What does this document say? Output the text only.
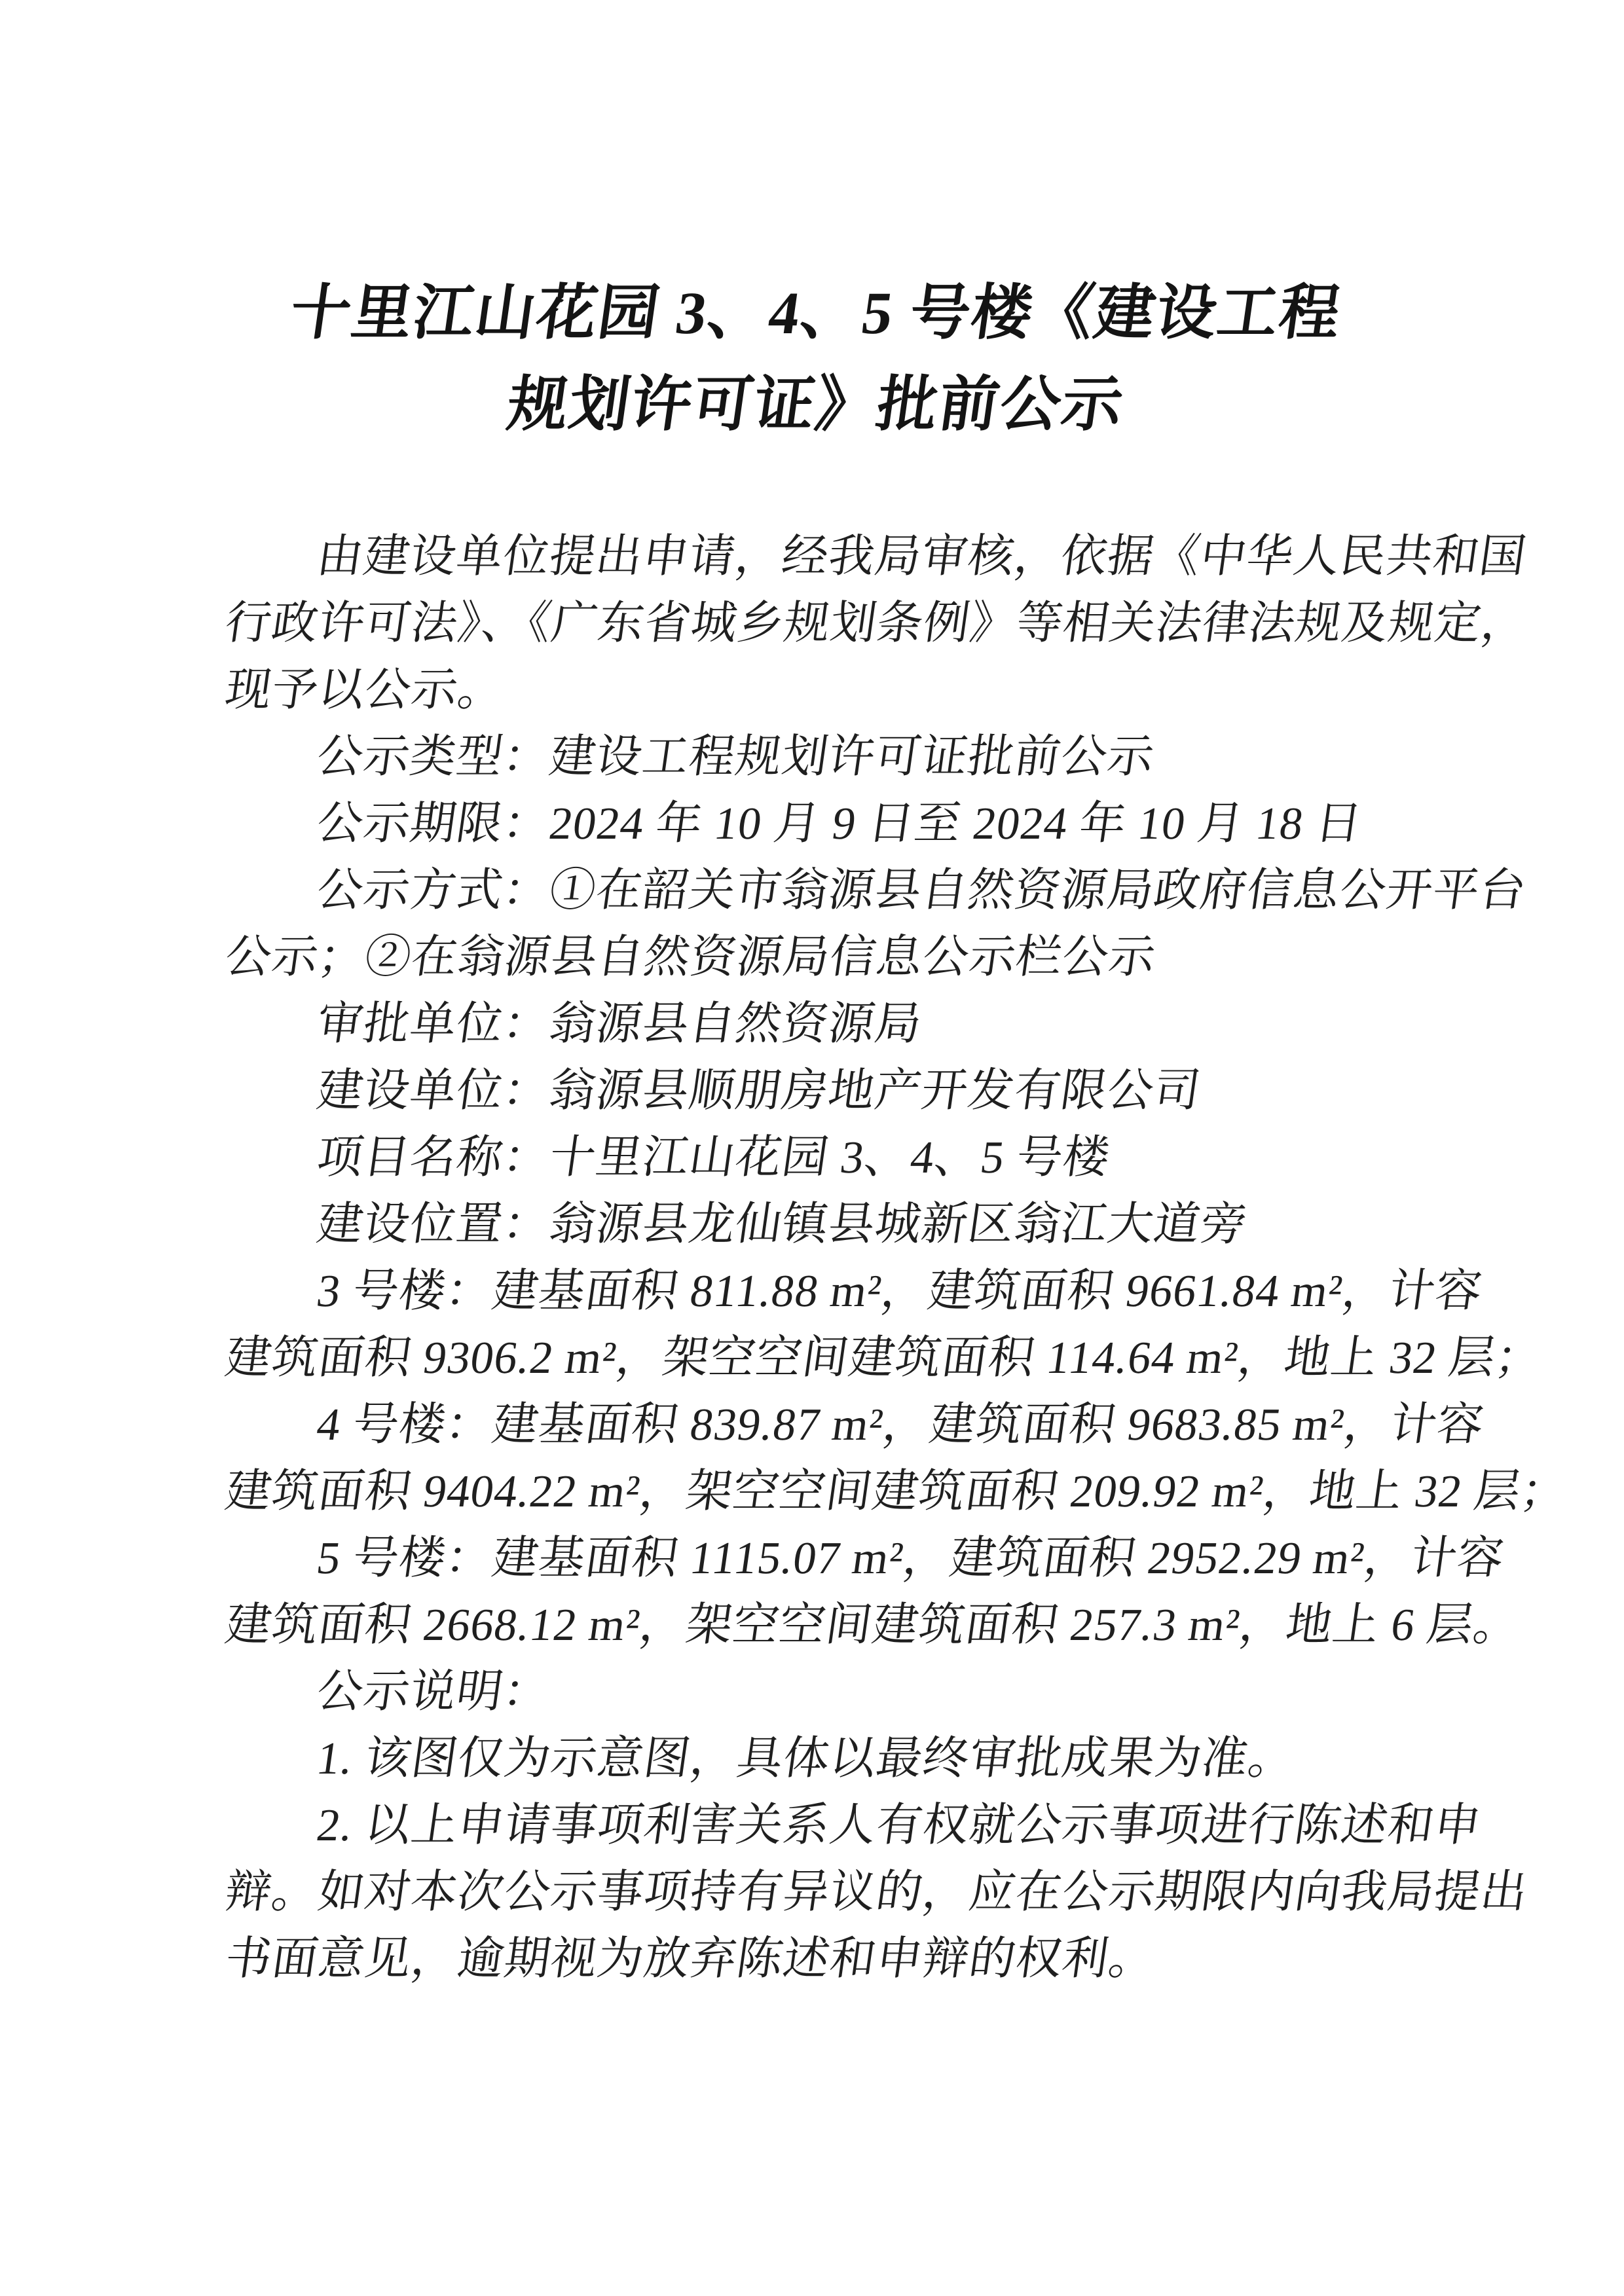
十里江山花园 3、4、5 号楼《建设工程
规划许可证》批前公示
由建设单位提出申请，经我局审核，依据《中华人民共和国
行政许可法》、《广东省城乡规划条例》等相关法律法规及规定，
现予以公示。
公示类型：建设工程规划许可证批前公示
公示期限：2024 年 10 月 9 日至 2024 年 10 月 18 日
公示方式：①在韶关市翁源县自然资源局政府信息公开平台
公示；②在翁源县自然资源局信息公示栏公示
审批单位：翁源县自然资源局
建设单位：翁源县顺朋房地产开发有限公司
项目名称：十里江山花园 3、4、5 号楼
建设位置：翁源县龙仙镇县城新区翁江大道旁
3 号楼：建基面积 811.88 m²，建筑面积 9661.84 m²，计容
建筑面积 9306.2 m²，架空空间建筑面积 114.64 m²，地上 32 层；
4 号楼：建基面积 839.87 m²，建筑面积 9683.85 m²，计容
建筑面积 9404.22 m²，架空空间建筑面积 209.92 m²，地上 32 层；
5 号楼：建基面积 1115.07 m²，建筑面积 2952.29 m²，计容
建筑面积 2668.12 m²，架空空间建筑面积 257.3 m²，地上 6 层。
公示说明：
1. 该图仅为示意图，具体以最终审批成果为准。
2. 以上申请事项利害关系人有权就公示事项进行陈述和申
辩。如对本次公示事项持有异议的，应在公示期限内向我局提出
书面意见，逾期视为放弃陈述和申辩的权利。
